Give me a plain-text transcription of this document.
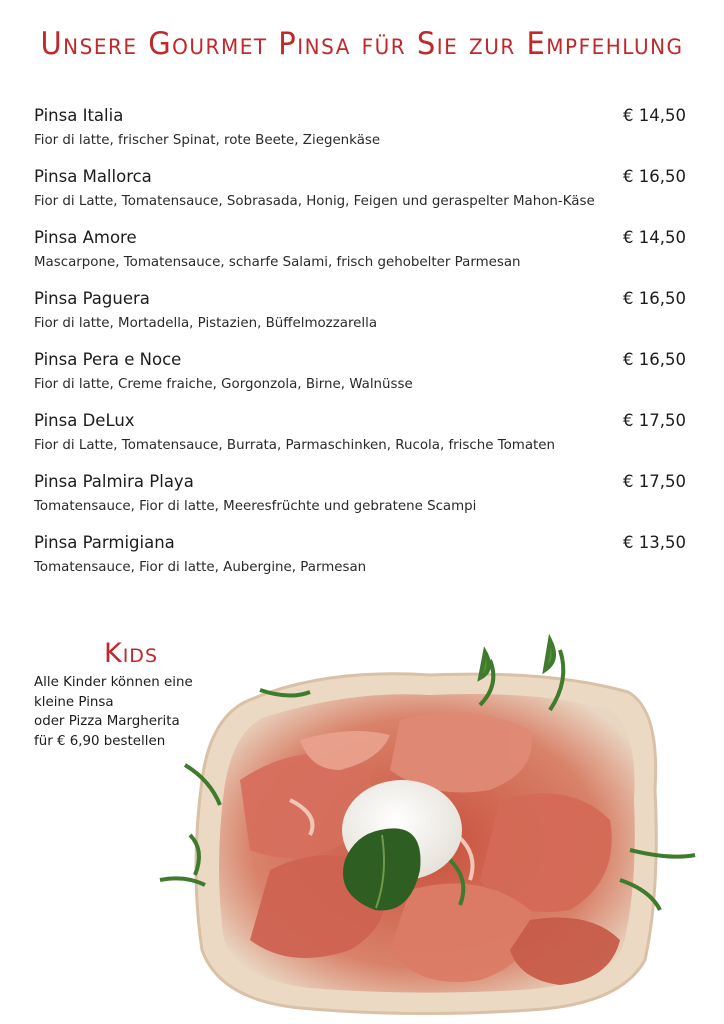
Unsere Gourmet Pinsa für Sie zur Empfehlung
Pinsa Italia	€ 14,50
Fior di latte, frischer Spinat, rote Beete, Ziegenkäse
Pinsa Mallorca	€ 16,50
Fior di Latte, Tomatensauce, Sobrasada, Honig, Feigen und geraspelter Mahon-Käse
Pinsa Amore	€ 14,50
Mascarpone, Tomatensauce, scharfe Salami, frisch gehobelter Parmesan
Pinsa Paguera	€ 16,50
Fior di latte, Mortadella, Pistazien, Büffelmozzarella
Pinsa Pera e Noce	€ 16,50
Fior di latte, Creme fraiche, Gorgonzola, Birne, Walnüsse
Pinsa DeLux	€ 17,50
Fior di Latte, Tomatensauce, Burrata, Parmaschinken, Rucola, frische Tomaten
Pinsa Palmira Playa	€ 17,50
Tomatensauce, Fior di latte, Meeresfrüchte und gebratene Scampi
Pinsa Parmigiana	€ 13,50
Tomatensauce, Fior di latte, Aubergine, Parmesan
Kids
Alle Kinder können eine
kleine Pinsa
oder Pizza Margherita
für € 6,90 bestellen
